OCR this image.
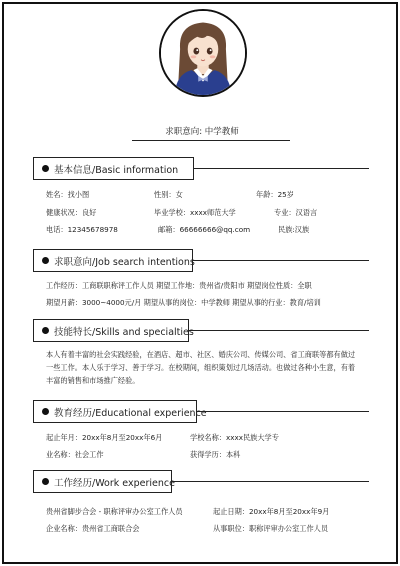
求职意向: 中学教师
基本信息/Basic information
姓名：找小图	性别：女	年龄：25岁
健康状况：良好	毕业学校：xxxx师范大学	专业：汉语言
电话：12345678978	邮箱：66666666@qq.com	民族:汉族
求职意向/Job search intentions
工作经历：工商联职称评工作人员 期望工作地：贵州省/贵阳市 期望岗位性质：全职
期望月薪：3000~4000元/月 期望从事的岗位：中学教师 期望从事的行业：教育/培训
技能特长/Skills and specialties
本人有着丰富的社会实践经验，在酒店、超市、社区、婚庆公司、传媒公司、省工商联等都有做过一些工作。本人乐于学习、善于学习。在校期间，组织策划过几场活动。也做过各种小生意，有着丰富的销售和市场推广经验。
教育经历/Educational experience
起止年月：20xx年8月至20xx年6月	学校名称：xxxx民族大学专
业名称：社会工作	获得学历：本科
工作经历/Work experience
贵州省脚步合会 - 职称评审办公室工作人员	起止日期：20xx年8月至20xx年9月
企业名称：贵州省工商联合会	从事职位：职称评审办公室工作人员
